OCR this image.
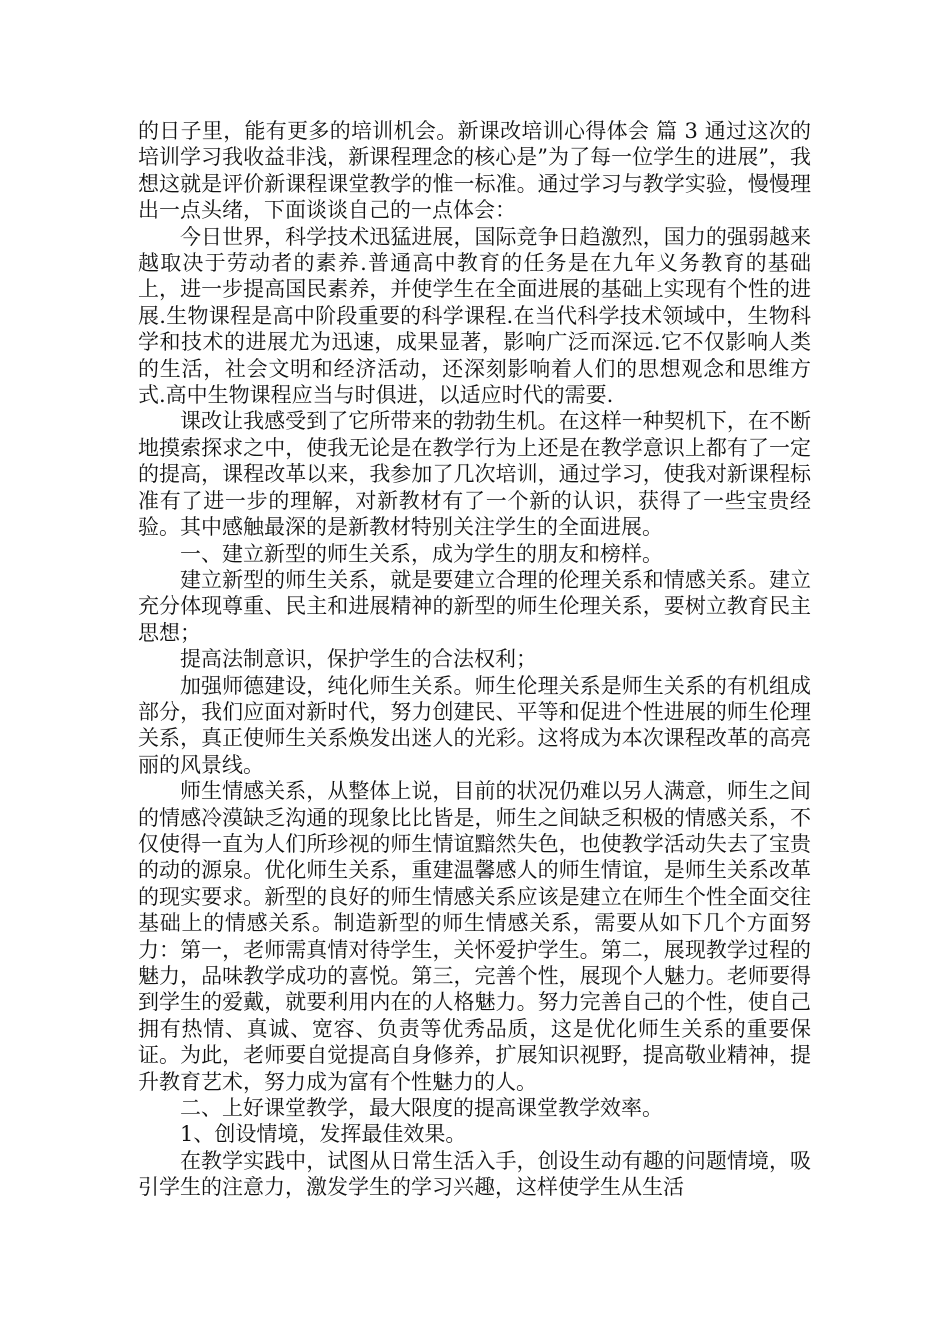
的日子里，能有更多的培训机会。新课改培训心得体会 篇 3 通过这次的培训学习我收益非浅，新课程理念的核心是”为了每一位学生的进展”，我想这就是评价新课程课堂教学的惟一标准。通过学习与教学实验，慢慢理出一点头绪，下面谈谈自己的一点体会：

今日世界，科学技术迅猛进展，国际竞争日趋激烈，国力的强弱越来越取决于劳动者的素养.普通高中教育的任务是在九年义务教育的基础上，进一步提高国民素养，并使学生在全面进展的基础上实现有个性的进展.生物课程是高中阶段重要的科学课程.在当代科学技术领域中，生物科学和技术的进展尤为迅速，成果显著，影响广泛而深远.它不仅影响人类的生活，社会文明和经济活动，还深刻影响着人们的思想观念和思维方式.高中生物课程应当与时俱进，以适应时代的需要.

课改让我感受到了它所带来的勃勃生机。在这样一种契机下，在不断地摸索探求之中，使我无论是在教学行为上还是在教学意识上都有了一定的提高，课程改革以来，我参加了几次培训，通过学习，使我对新课程标准有了进一步的理解，对新教材有了一个新的认识，获得了一些宝贵经验。其中感触最深的是新教材特别关注学生的全面进展。

一、建立新型的师生关系，成为学生的朋友和榜样。

建立新型的师生关系，就是要建立合理的伦理关系和情感关系。建立充分体现尊重、民主和进展精神的新型的师生伦理关系，要树立教育民主思想；

提高法制意识，保护学生的合法权利；

加强师德建设，纯化师生关系。师生伦理关系是师生关系的有机组成部分，我们应面对新时代，努力创建民、平等和促进个性进展的师生伦理关系，真正使师生关系焕发出迷人的光彩。这将成为本次课程改革的高亮丽的风景线。

师生情感关系，从整体上说，目前的状况仍难以另人满意，师生之间的情感冷漠缺乏沟通的现象比比皆是，师生之间缺乏积极的情感关系，不仅使得一直为人们所珍视的师生情谊黯然失色，也使教学活动失去了宝贵的动的源泉。优化师生关系，重建温馨感人的师生情谊，是师生关系改革的现实要求。新型的良好的师生情感关系应该是建立在师生个性全面交往基础上的情感关系。制造新型的师生情感关系，需要从如下几个方面努力：第一，老师需真情对待学生，关怀爱护学生。第二，展现教学过程的魅力，品味教学成功的喜悦。第三，完善个性，展现个人魅力。老师要得到学生的爱戴，就要利用内在的人格魅力。努力完善自己的个性，使自己拥有热情、真诚、宽容、负责等优秀品质，这是优化师生关系的重要保证。为此，老师要自觉提高自身修养，扩展知识视野，提高敬业精神，提升教育艺术，努力成为富有个性魅力的人。

二、上好课堂教学，最大限度的提高课堂教学效率。

1、创设情境，发挥最佳效果。

在教学实践中，试图从日常生活入手，创设生动有趣的问题情境，吸引学生的注意力，激发学生的学习兴趣，这样使学生从生活
